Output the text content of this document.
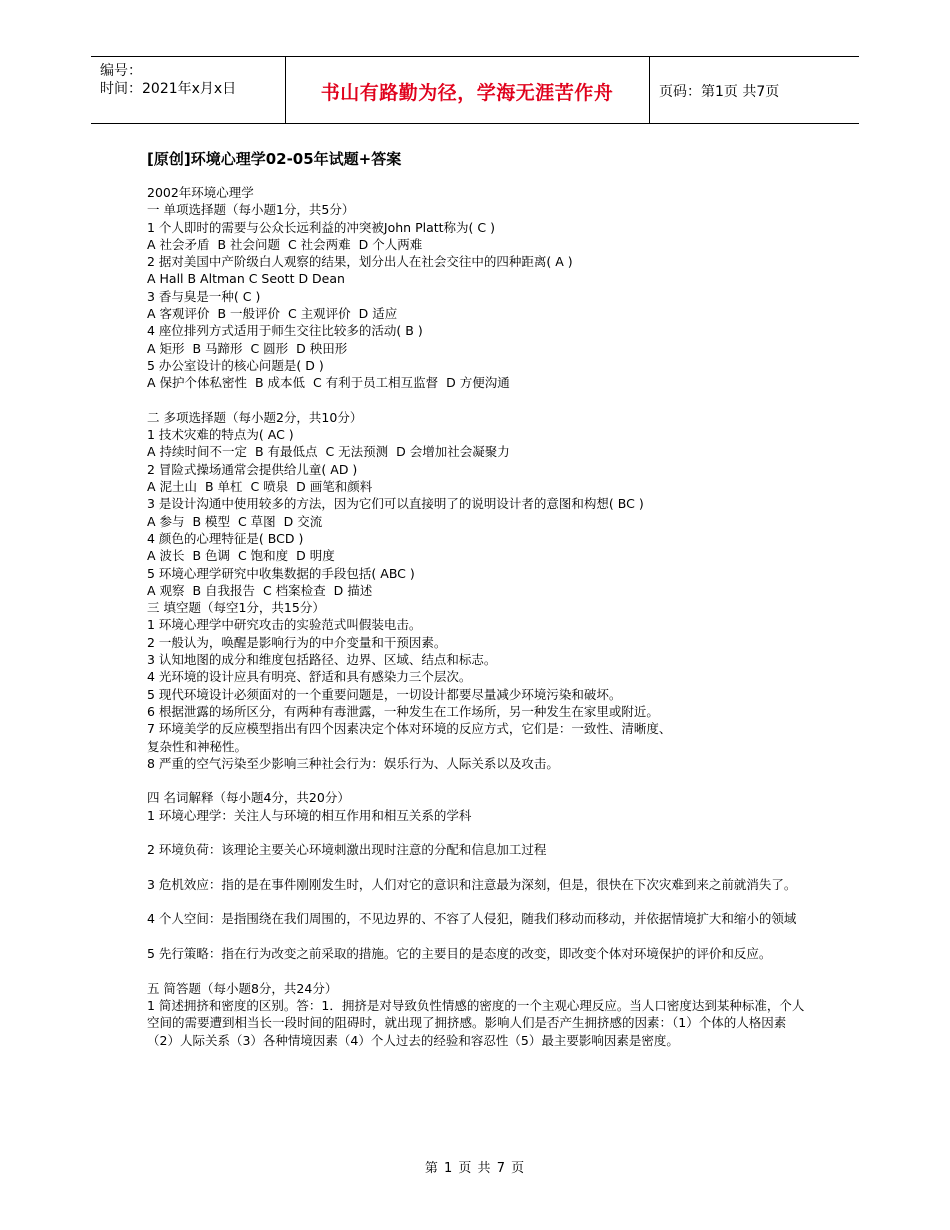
编号：
时间：2021年x月x日	书山有路勤为径，学海无涯苦作舟	页码：第1页 共7页
[原创]环境心理学02-05年试题+答案
2002年环境心理学
一 单项选择题（每小题1分，共5分）
1 个人即时的需要与公众长远利益的冲突被John Platt称为( C )
A 社会矛盾  B 社会问题  C 社会两难  D 个人两难
2 据对美国中产阶级白人观察的结果，划分出人在社会交往中的四种距离( A )
A Hall B Altman C Seott D Dean
3 香与臭是一种( C )
A 客观评价  B 一般评价  C 主观评价  D 适应
4 座位排列方式适用于师生交往比较多的活动( B )
A 矩形  B 马蹄形  C 圆形  D 秧田形
5 办公室设计的核心问题是( D )
A 保护个体私密性  B 成本低  C 有利于员工相互监督  D 方便沟通
二 多项选择题（每小题2分，共10分）
1 技术灾难的特点为( AC )
A 持续时间不一定  B 有最低点  C 无法预测  D 会增加社会凝聚力
2 冒险式操场通常会提供给儿童( AD )
A 泥土山  B 单杠  C 喷泉  D 画笔和颜料
3 是设计沟通中使用较多的方法，因为它们可以直接明了的说明设计者的意图和构想( BC )
A 参与  B 模型  C 草图  D 交流
4 颜色的心理特征是( BCD )
A 波长  B 色调  C 饱和度  D 明度
5 环境心理学研究中收集数据的手段包括( ABC )
A 观察  B 自我报告  C 档案检查  D 描述
三 填空题（每空1分，共15分）
1 环境心理学中研究攻击的实验范式叫假装电击。
2 一般认为，唤醒是影响行为的中介变量和干预因素。
3 认知地图的成分和维度包括路径、边界、区域、结点和标志。
4 光环境的设计应具有明亮、舒适和具有感染力三个层次。
5 现代环境设计必须面对的一个重要问题是，一切设计都要尽量减少环境污染和破坏。
6 根据泄露的场所区分，有两种有毒泄露，一种发生在工作场所，另一种发生在家里或附近。
7 环境美学的反应模型指出有四个因素决定个体对环境的反应方式，它们是：一致性、清晰度、
复杂性和神秘性。
8 严重的空气污染至少影响三种社会行为：娱乐行为、人际关系以及攻击。
四 名词解释（每小题4分，共20分）
1 环境心理学：关注人与环境的相互作用和相互关系的学科
2 环境负荷：该理论主要关心环境刺激出现时注意的分配和信息加工过程
3 危机效应：指的是在事件刚刚发生时，人们对它的意识和注意最为深刻，但是，很快在下次灾难到来之前就消失了。
4 个人空间：是指围绕在我们周围的，不见边界的、不容了人侵犯，随我们移动而移动，并依据情境扩大和缩小的领域
5 先行策略：指在行为改变之前采取的措施。它的主要目的是态度的改变，即改变个体对环境保护的评价和反应。
五 简答题（每小题8分，共24分）
1 简述拥挤和密度的区别。答：1．拥挤是对导致负性情感的密度的一个主观心理反应。当人口密度达到某种标准，个人空间的需要遭到相当长一段时间的阻碍时，就出现了拥挤感。影响人们是否产生拥挤感的因素：（1）个体的人格因素（2）人际关系（3）各种情境因素（4）个人过去的经验和容忍性（5）最主要影响因素是密度。
第 1 页 共 7 页
